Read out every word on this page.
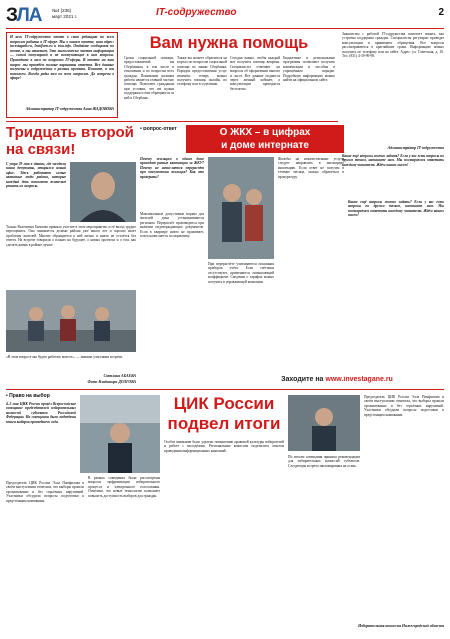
ЗЛА №4 (236)
март 2021 г.	IT-содружество	2
И весь IT-содружество ответ в свою редакцию по всем вопросам работы в IT-сфере. Мы о вашем ответе, наш адрес: investagath.ru, Instifurn.ru и etsa.info. Отдайте сообщения по почте, а мы ответим. Это экологически чистая информация — самой популярной и не поступающие к вам вопросы. Приходите к нам по вопросам IT-сферы. В ответе на ваш вопрос мы приведём полные варианты ответов. Все данные получены к содружеству в рамках проекта. Пишите, и мы поможем. Всегда рады вам по всем вопросам. До встречи в эфире!
Администратор IT-содружества Анна ЖАДОВОВА
Вам нужна помощь
Сроки социальной помощи, предоставляемой им Сбербанком, в том числе в отношении и по вопросам всех граждан. Понимание наличия работы является главной частью помощи. Помогают гражданам при условии, что им нужна поддержка и они обращаются за ней в Сбербанк.
Также вы можете обратиться на портал по вопросам социальной помощи по линии Сбербанка. Порядок предоставления услуг изменён: теперь можно получить помощь онлайн, по телефону или в отделении.
Сегодня важно, чтобы каждый мог получить помощь вовремя. Специалисты отвечают на вопросы об оформлении выплат и льгот. Все данные подаются через личный кабинет, а консультации проводятся бесплатно.
Бюджетные и региональные программы позволяют получать компенсации и пособия в упрощённом порядке. Подробную информацию можно найти на официальном сайте.
Знакомство с работой IT-содружества помогает понять, как устроена поддержка граждан. Специалисты регулярно проводят консультации и принимают обращения. Все вопросы рассматриваются в кратчайшие сроки. Информацию можно получить по телефону или на сайте. Адрес: ул. Советская, д. 10. Тел. (831) 4-39-99-98.
Администратор IT-содружества
Какие ещё вопросы можно задать? Если у вас есть вопросы по другим темам, напишите нам. Мы постараемся ответить каждому читателю. Ждём ваших писем!
Тридцать второй
на связи!
С утра 29 мая в здании, где заседали наши депутаты, открылся новый офис. Здесь работают самые активные люди района, которые каждый день помогают жителям решать их вопросы.
Только Валентина Бычкова приняла участие в этом мероприятии, и её вклад трудно переоценить. Она занимается делами района уже много лет и хорошо знает проблемы жителей. Многие обращаются к ней лично, и никто не остаётся без ответа. На встрече говорили о планах на будущее, о новых проектах и о том, как сделать жизнь в районе лучше.
«В этом вопросе мы будем работать вместе», — заявили участники встречи.
Светлана АБАЕВА
Фото Владимира ДОЛГОВА
• Вопрос-ответ	О ЖКХ – в цифрах
и доме интернате
Почему жильцам в одном доме приходят разные квитанции за ЖКУ? Почему не начисляется перерасчёт при отсутствии жильцов? Как это проверить?
Максимальные допустимые нормы для жителей дома устанавливаются регионом. Перерасчёт производится при наличии подтверждающих документов. Если в квартире никто не проживает, плата начисляется по нормативу.
При перерасчёте учитываются показания приборов учёта. Если счётчики отсутствуют, применяется повышающий коэффициент. Сведения о тарифах можно получить в управляющей компании.
Жалобы на некачественные услуги следует направлять в жилищную инспекцию. Если ответ не получен в течение месяца, можно обратиться в прокуратуру.
Какие ещё вопросы можно задать? Если у вас есть вопросы по другим темам, напишите нам. Мы постараемся ответить каждому читателю. Ждём ваших писем!
Заходите на www.investagane.ru
• Право на выбор
4–5 мая ЦИК России провёл Всероссийское совещание председателей избирательных комиссий субъектов Российской Федерации. На совещании были подведены итоги выборов прошедшего года.
ЦИК России
подвел итоги
Председатель ЦИК России Элла Памфилова в своём выступлении отметила, что выборы прошли организованно и без серьёзных нарушений. Участники обсудили вопросы подготовки к предстоящим кампаниям.
В рамках совещания были рассмотрены вопросы цифровизации избирательного процесса и электронного голосования. Отмечено, что новые технологии позволяют повысить доступность выборов для граждан.
Особое внимание было уделено повышению правовой культуры избирателей и работе с молодёжью. Региональные комиссии поделились опытом проведения информационных кампаний.
По итогам совещания приняты рекомендации для избирательных комиссий субъектов. Следующая встреча запланирована на осень.
Председатель ЦИК России Элла Памфилова в своём выступлении отметила, что выборы прошли организованно и без серьёзных нарушений. Участники обсудили вопросы подготовки к предстоящим кампаниям.
Избирательная комиссия Нижегородской области
